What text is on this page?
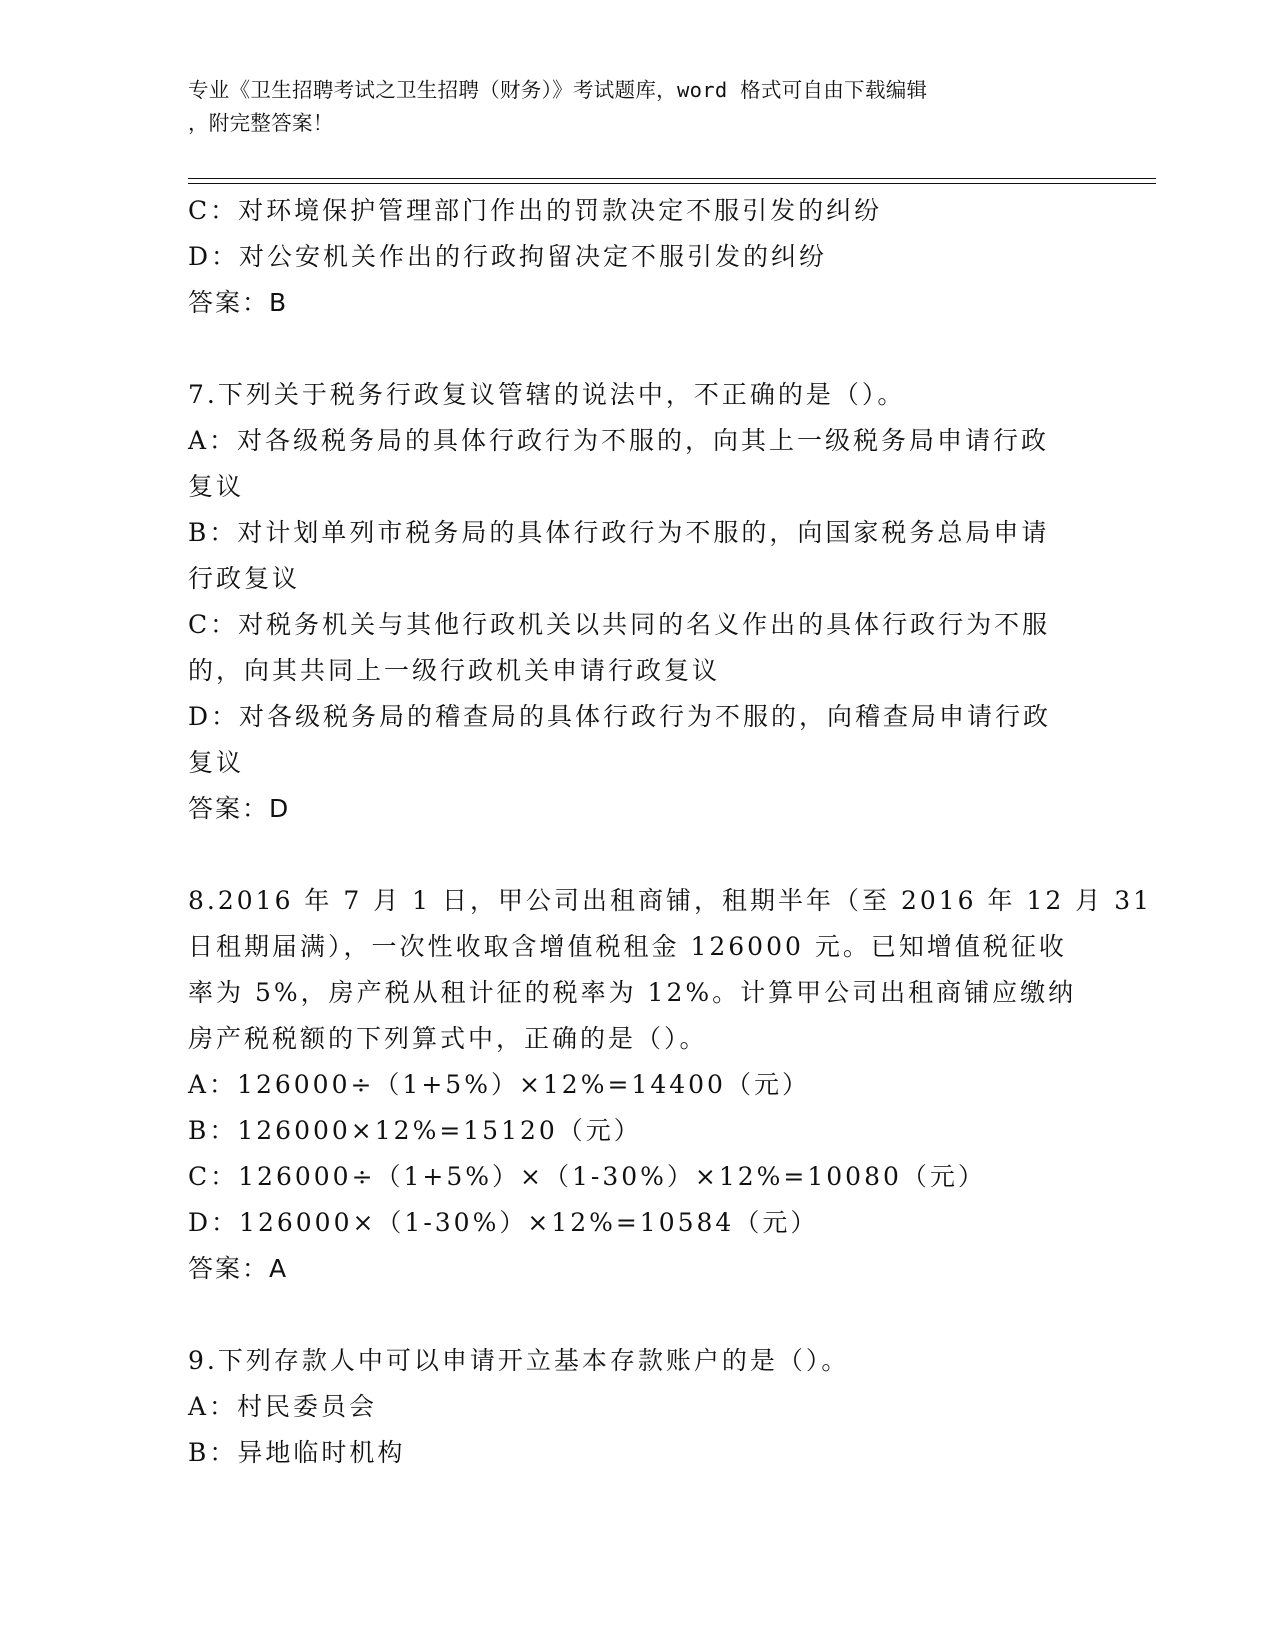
专业《卫生招聘考试之卫生招聘（财务）》考试题库，word 格式可自由下载编辑
，附完整答案！
C：对环境保护管理部门作出的罚款决定不服引发的纠纷
D：对公安机关作出的行政拘留决定不服引发的纠纷
答案：B
7.下列关于税务行政复议管辖的说法中，不正确的是（）。
A：对各级税务局的具体行政行为不服的，向其上一级税务局申请行政
复议
B：对计划单列市税务局的具体行政行为不服的，向国家税务总局申请
行政复议
C：对税务机关与其他行政机关以共同的名义作出的具体行政行为不服
的，向其共同上一级行政机关申请行政复议
D：对各级税务局的稽查局的具体行政行为不服的，向稽查局申请行政
复议
答案：D
8.2016 年 7 月 1 日，甲公司出租商铺，租期半年（至 2016 年 12 月 31
日租期届满），一次性收取含增值税租金 126000 元。已知增值税征收
率为 5%，房产税从租计征的税率为 12%。计算甲公司出租商铺应缴纳
房产税税额的下列算式中，正确的是（）。
A：126000÷（1+5%）×12%=14400（元）
B：126000×12%=15120（元）
C：126000÷（1+5%）×（1-30%）×12%=10080（元）
D：126000×（1-30%）×12%=10584（元）
答案：A
9.下列存款人中可以申请开立基本存款账户的是（）。
A：村民委员会
B：异地临时机构
